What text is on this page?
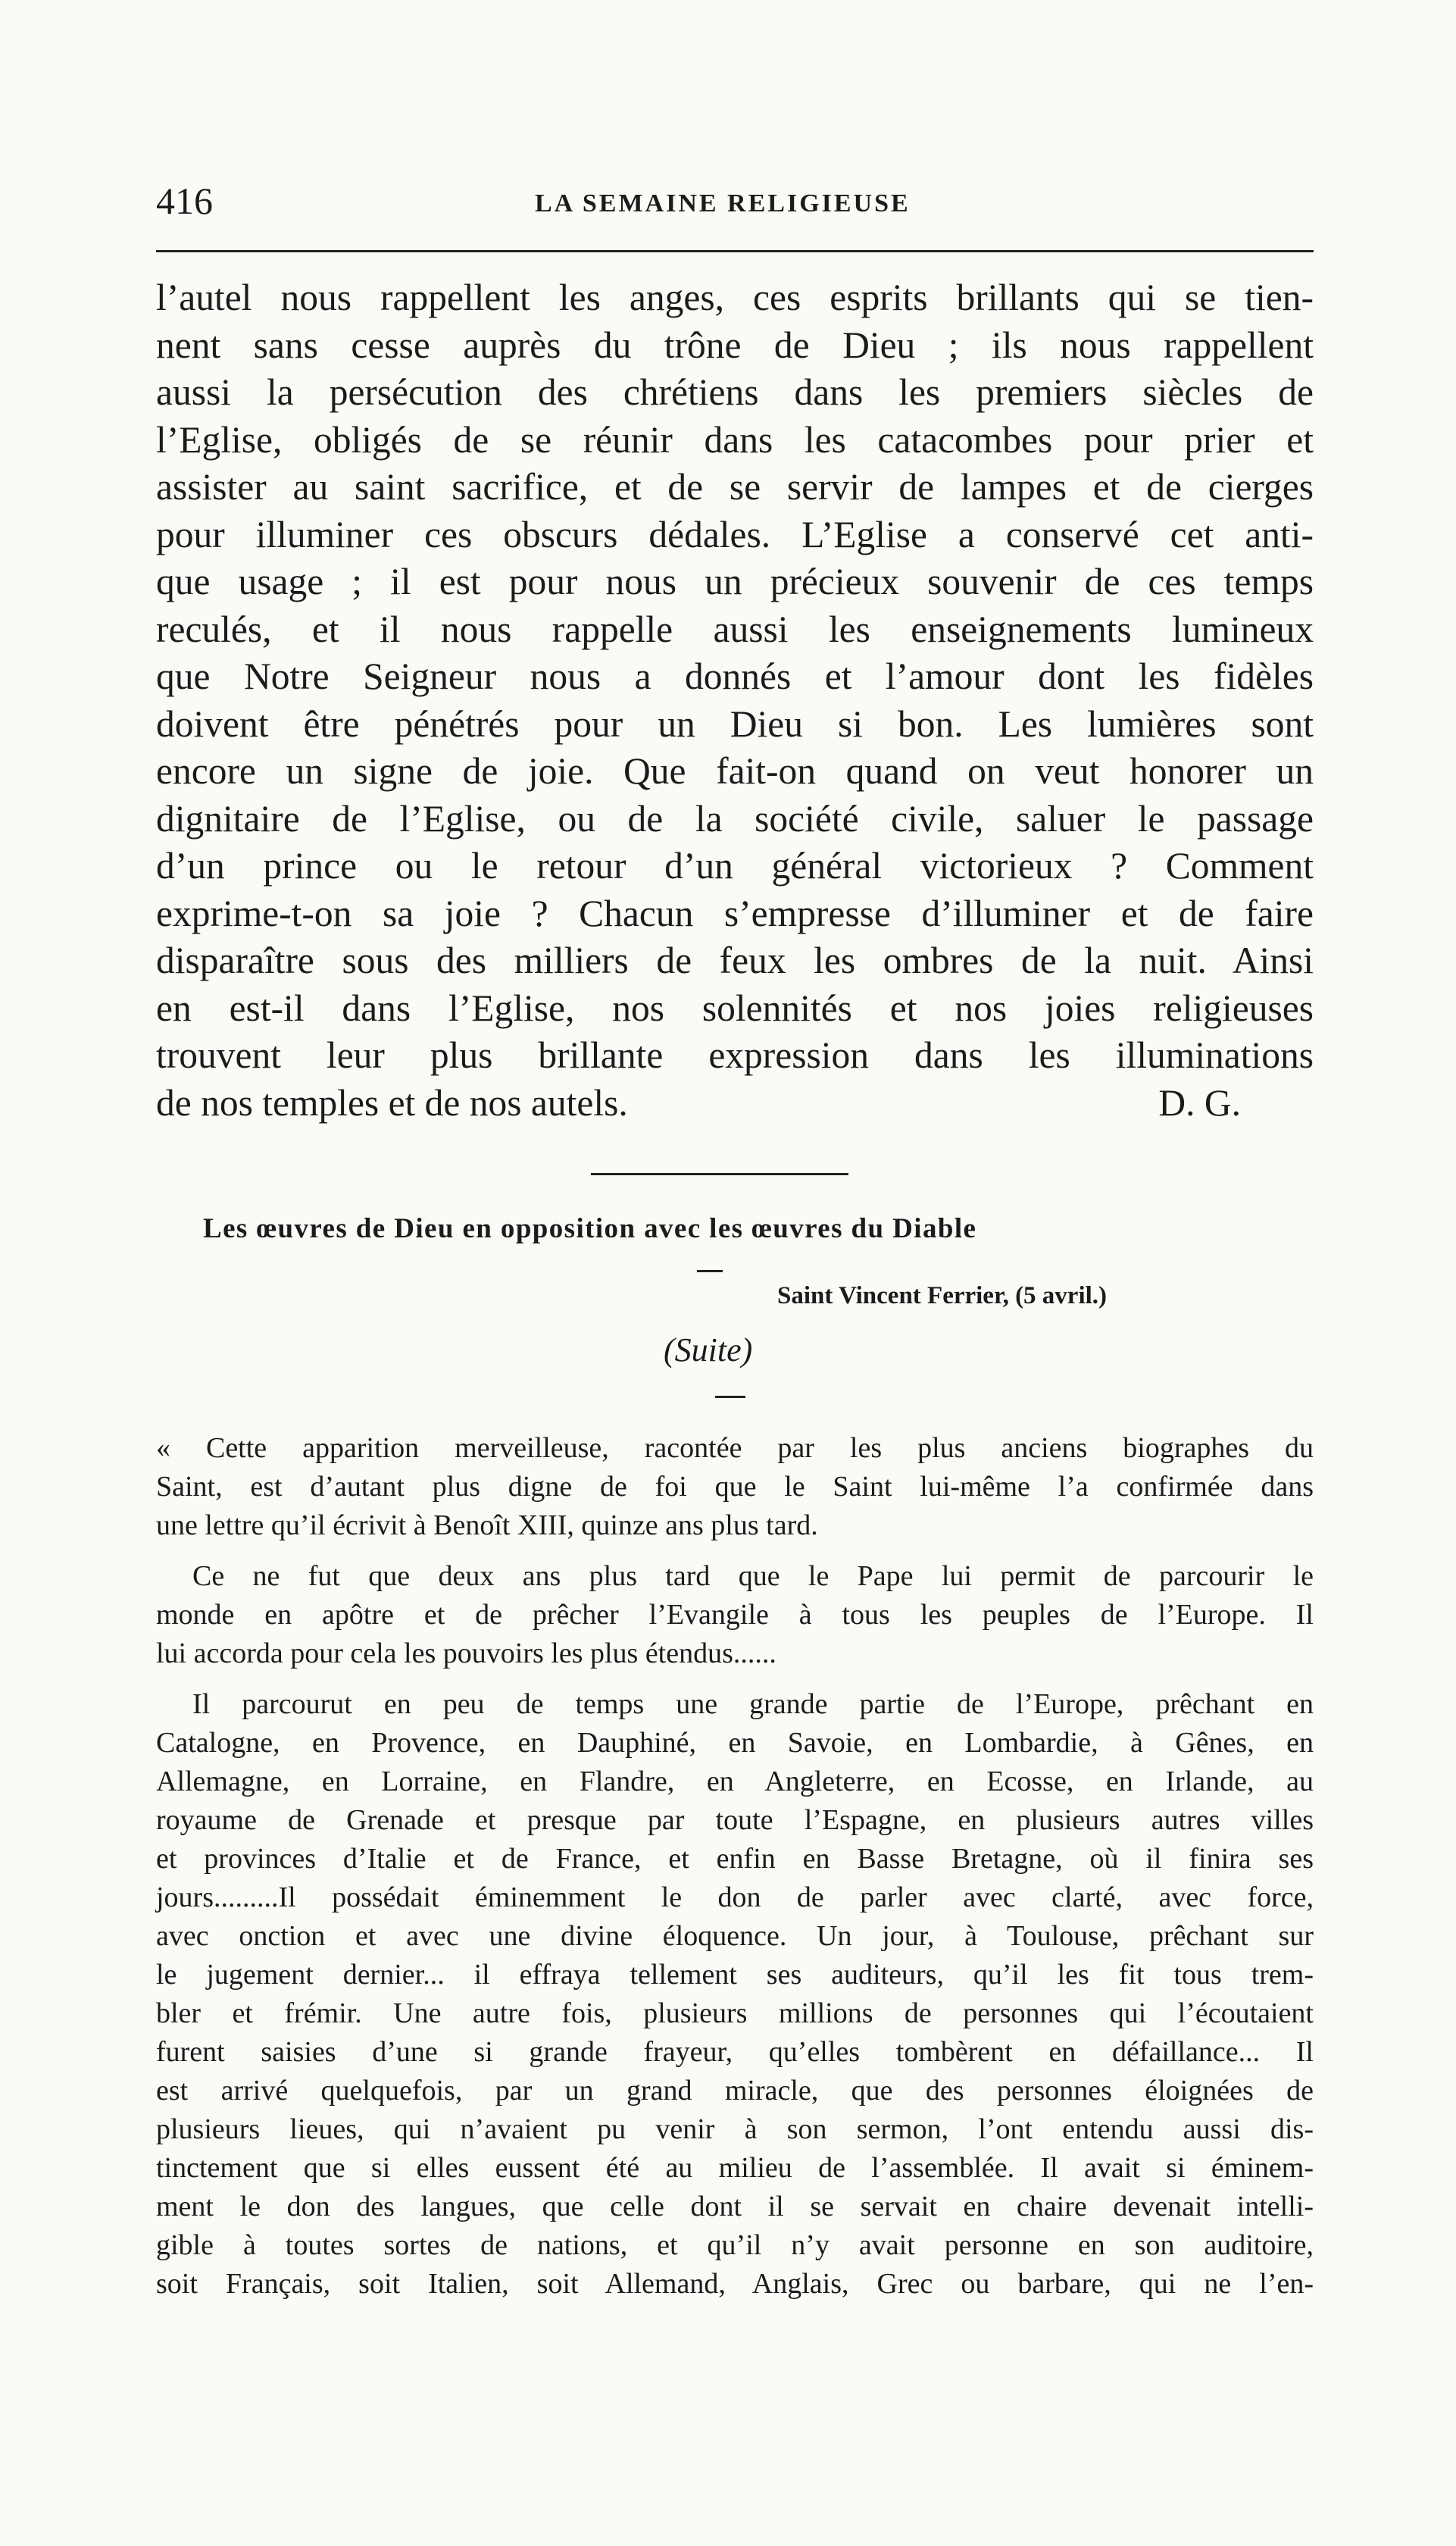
416	LA SEMAINE RELIGIEUSE
l’autel nous rappellent les anges, ces esprits brillants qui se tien-
nent sans cesse auprès du trône de Dieu ; ils nous rappellent
aussi la persécution des chrétiens dans les premiers siècles de
l’Eglise, obligés de se réunir dans les catacombes pour prier et
assister au saint sacrifice, et de se servir de lampes et de cierges
pour illuminer ces obscurs dédales. L’Eglise a conservé cet anti-
que usage ; il est pour nous un précieux souvenir de ces temps
reculés, et il nous rappelle aussi les enseignements lumineux
que Notre Seigneur nous a donnés et l’amour dont les fidèles
doivent être pénétrés pour un Dieu si bon. Les lumières sont
encore un signe de joie. Que fait-on quand on veut honorer un
dignitaire de l’Eglise, ou de la société civile, saluer le passage
d’un prince ou le retour d’un général victorieux ? Comment
exprime-t-on sa joie ? Chacun s’empresse d’illuminer et de faire
disparaître sous des milliers de feux les ombres de la nuit. Ainsi
en est-il dans l’Eglise, nos solennités et nos joies religieuses
trouvent leur plus brillante expression dans les illuminations
de nos temples et de nos autels.	D. G.
Les œuvres de Dieu en opposition avec les œuvres du Diable
Saint Vincent Ferrier, (5 avril.)
(Suite)
« Cette apparition merveilleuse, racontée par les plus anciens biographes du
Saint, est d’autant plus digne de foi que le Saint lui-même l’a confirmée dans
une lettre qu’il écrivit à Benoît XIII, quinze ans plus tard.
Ce ne fut que deux ans plus tard que le Pape lui permit de parcourir le
monde en apôtre et de prêcher l’Evangile à tous les peuples de l’Europe. Il
lui accorda pour cela les pouvoirs les plus étendus......
Il parcourut en peu de temps une grande partie de l’Europe, prêchant en
Catalogne, en Provence, en Dauphiné, en Savoie, en Lombardie, à Gênes, en
Allemagne, en Lorraine, en Flandre, en Angleterre, en Ecosse, en Irlande, au
royaume de Grenade et presque par toute l’Espagne, en plusieurs autres villes
et provinces d’Italie et de France, et enfin en Basse Bretagne, où il finira ses
jours.........Il possédait éminemment le don de parler avec clarté, avec force,
avec onction et avec une divine éloquence. Un jour, à Toulouse, prêchant sur
le jugement dernier... il effraya tellement ses auditeurs, qu’il les fit tous trem-
bler et frémir. Une autre fois, plusieurs millions de personnes qui l’écoutaient
furent saisies d’une si grande frayeur, qu’elles tombèrent en défaillance... Il
est arrivé quelquefois, par un grand miracle, que des personnes éloignées de
plusieurs lieues, qui n’avaient pu venir à son sermon, l’ont entendu aussi dis-
tinctement que si elles eussent été au milieu de l’assemblée. Il avait si éminem-
ment le don des langues, que celle dont il se servait en chaire devenait intelli-
gible à toutes sortes de nations, et qu’il n’y avait personne en son auditoire,
soit Français, soit Italien, soit Allemand, Anglais, Grec ou barbare, qui ne l’en-
